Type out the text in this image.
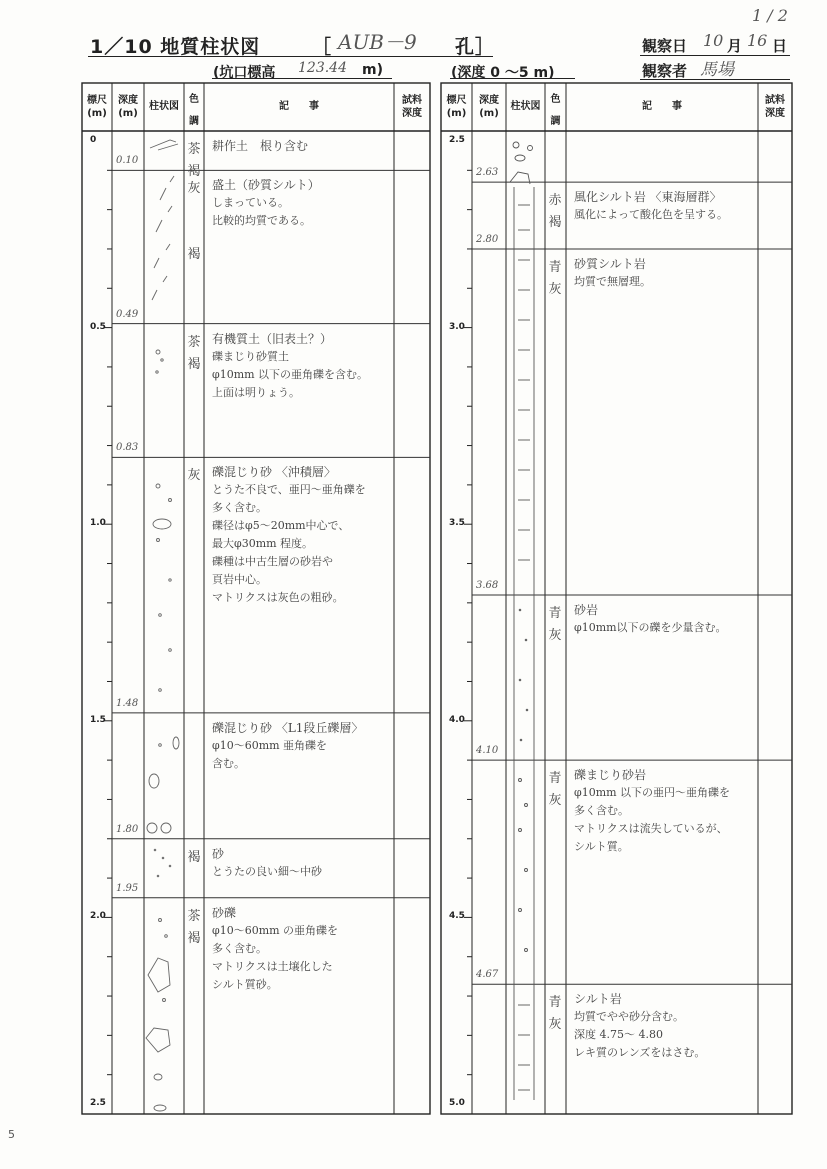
1 / 2
1／10 地質柱状図	［ AUB－9 孔］
(坑口標高 123.44 m)	(深度 0 ～5 m)
観察日 10 月 16 日
観察者 馬場
標尺
(m)
深度
(m)
柱状図
色
調
記　　事
試料
深度
標尺
(m)
深度
(m)
柱状図
色
調
記　　事
試料
深度
0
0.5
1.0
1.5
2.0
2.5
2.5
3.0
3.5
4.0
4.5
5.0
0.10
茶
褐
耕作土　根り含む
0.49
灰

褐
盛土（砂質シルト）
しまっている。
比較的均質である。
0.83
茶
褐
有機質土（旧表土？）
礫まじり砂質土
φ10mm 以下の亜角礫を含む。
上面は明りょう。
1.48
灰 礫混じり砂 〈沖積層〉
とうた不良で、亜円～亜角礫を
多く含む。
礫径はφ5～20mm中心で、
最大φ30mm 程度。
礫種は中古生層の砂岩や
頁岩中心。
マトリクスは灰色の粗砂。
1.80
礫混じり砂 〈L1段丘礫層〉
φ10～60mm 亜角礫を
含む。
1.95
褐 砂
とうたの良い細～中砂
茶
褐
砂礫
φ10～60mm の亜角礫を
多く含む。
マトリクスは土壌化した
シルト質砂。
2.63
2.80
赤
褐
風化シルト岩 〈東海層群〉
風化によって酸化色を呈する。
3.68
青
灰
砂質シルト岩
均質で無層理。
4.10
青
灰
砂岩
φ10mm以下の礫を少量含む。
4.67
青
灰
礫まじり砂岩
φ10mm 以下の亜円～亜角礫を
多く含む。
マトリクスは流失しているが、
シルト質。
青
灰
シルト岩
均質でやや砂分含む。
深度 4.75～ 4.80
レキ質のレンズをはさむ。
5
